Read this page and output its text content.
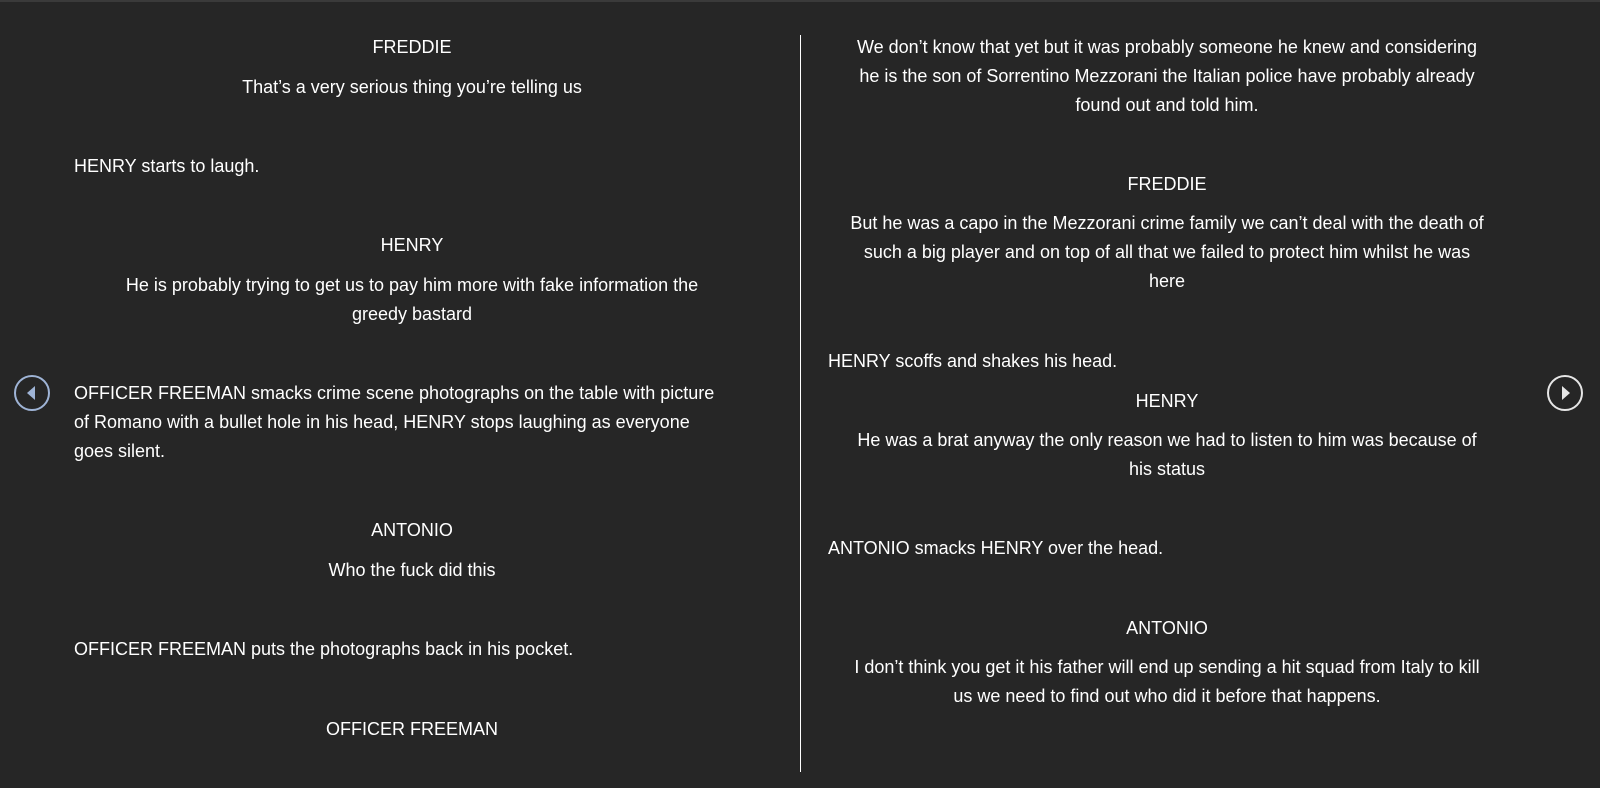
FREDDIE
That’s a very serious thing you’re telling us
HENRY starts to laugh.
HENRY
He is probably trying to get us to pay him more with fake information the
greedy bastard
OFFICER FREEMAN smacks crime scene photographs on the table with picture
of Romano with a bullet hole in his head, HENRY stops laughing as everyone
goes silent.
ANTONIO
Who the fuck did this
OFFICER FREEMAN puts the photographs back in his pocket.
OFFICER FREEMAN
We don’t know that yet but it was probably someone he knew and considering
he is the son of Sorrentino Mezzorani the Italian police have probably already
found out and told him.
FREDDIE
But he was a capo in the Mezzorani crime family we can’t deal with the death of
such a big player and on top of all that we failed to protect him whilst he was
here
HENRY scoffs and shakes his head.
HENRY
He was a brat anyway the only reason we had to listen to him was because of
his status
ANTONIO smacks HENRY over the head.
ANTONIO
I don’t think you get it his father will end up sending a hit squad from Italy to kill
us we need to find out who did it before that happens.
